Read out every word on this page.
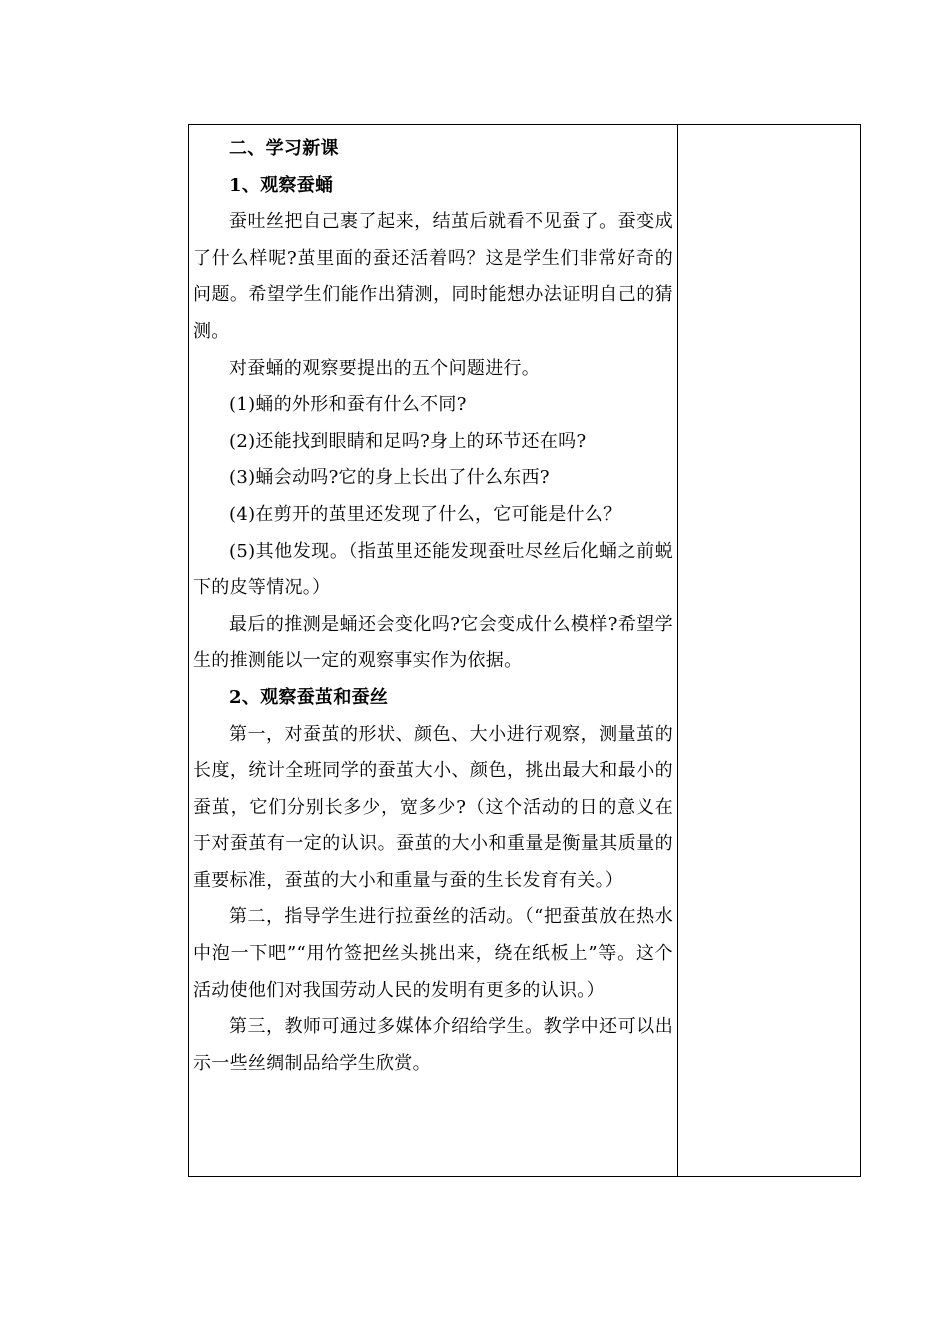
二、学习新课

1、观察蚕蛹

蚕吐丝把自己裹了起来，结茧后就看不见蚕了。蚕变成了什么样呢?茧里面的蚕还活着吗？这是学生们非常好奇的问题。希望学生们能作出猜测，同时能想办法证明自己的猜测。

对蚕蛹的观察要提出的五个问题进行。

(1)蛹的外形和蚕有什么不同?

(2)还能找到眼睛和足吗?身上的环节还在吗?

(3)蛹会动吗?它的身上长出了什么东西?

(4)在剪开的茧里还发现了什么，它可能是什么？

(5)其他发现。（指茧里还能发现蚕吐尽丝后化蛹之前蜕下的皮等情况。）

最后的推测是蛹还会变化吗?它会变成什么模样?希望学生的推测能以一定的观察事实作为依据。

2、观察蚕茧和蚕丝

第一，对蚕茧的形状、颜色、大小进行观察，测量茧的长度，统计全班同学的蚕茧大小、颜色，挑出最大和最小的蚕茧，它们分别长多少，宽多少?（这个活动的日的意义在于对蚕茧有一定的认识。蚕茧的大小和重量是衡量其质量的重要标准，蚕茧的大小和重量与蚕的生长发育有关。）

第二，指导学生进行拉蚕丝的活动。（“把蚕茧放在热水中泡一下吧”“用竹签把丝头挑出来，绕在纸板上”等。这个活动使他们对我国劳动人民的发明有更多的认识。）

第三，教师可通过多媒体介绍给学生。教学中还可以出示一些丝绸制品给学生欣赏。
